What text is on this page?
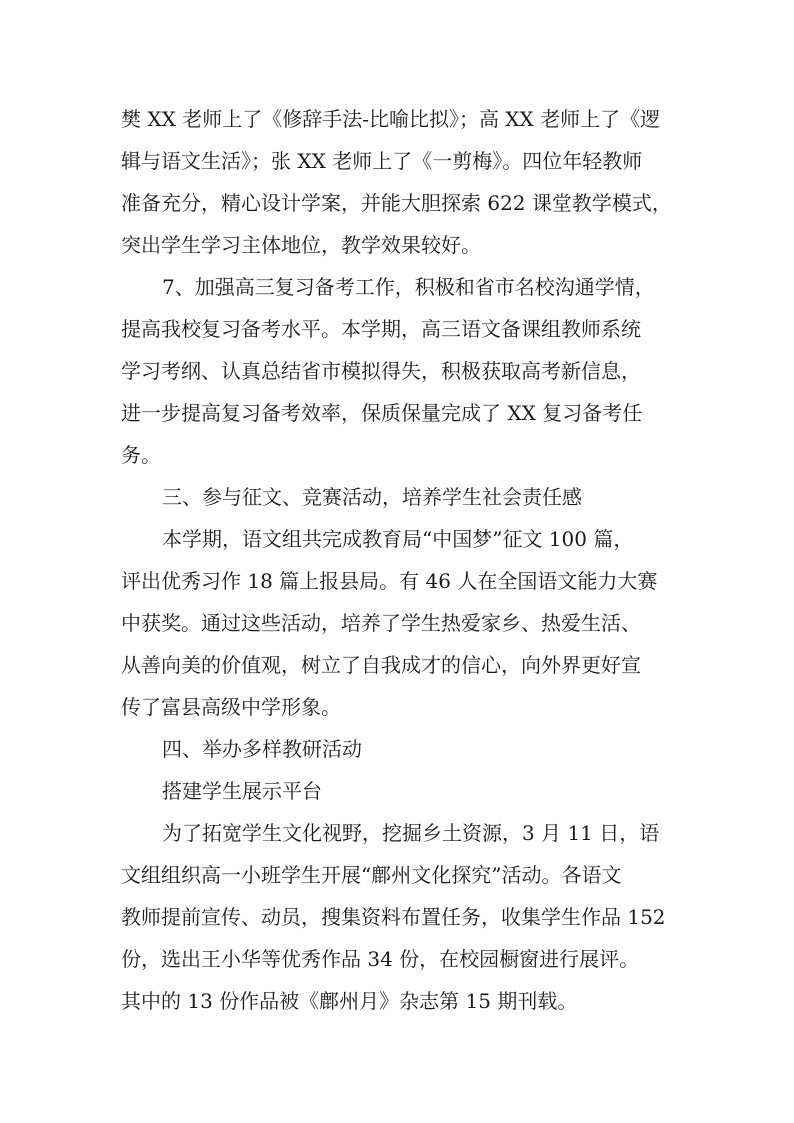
樊 XX 老师上了《修辞手法-比喻比拟》；高 XX 老师上了《逻
辑与语文生活》；张 XX 老师上了《一剪梅》。四位年轻教师
准备充分，精心设计学案，并能大胆探索 622 课堂教学模式，
突出学生学习主体地位，教学效果较好。
7、加强高三复习备考工作，积极和省市名校沟通学情，
提高我校复习备考水平。本学期，高三语文备课组教师系统
学习考纲、认真总结省市模拟得失，积极获取高考新信息，
进一步提高复习备考效率，保质保量完成了 XX 复习备考任
务。
三、参与征文、竞赛活动，培养学生社会责任感
本学期，语文组共完成教育局“中国梦”征文 100 篇，
评出优秀习作 18 篇上报县局。有 46 人在全国语文能力大赛
中获奖。通过这些活动，培养了学生热爱家乡、热爱生活、
从善向美的价值观，树立了自我成才的信心，向外界更好宣
传了富县高级中学形象。
四、举办多样教研活动
搭建学生展示平台
为了拓宽学生文化视野，挖掘乡土资源，3 月 11 日，语
文组组织高一小班学生开展“鄜州文化探究”活动。各语文
教师提前宣传、动员，搜集资料布置任务，收集学生作品 152
份，选出王小华等优秀作品 34 份，在校园橱窗进行展评。
其中的 13 份作品被《鄜州月》杂志第 15 期刊载。
